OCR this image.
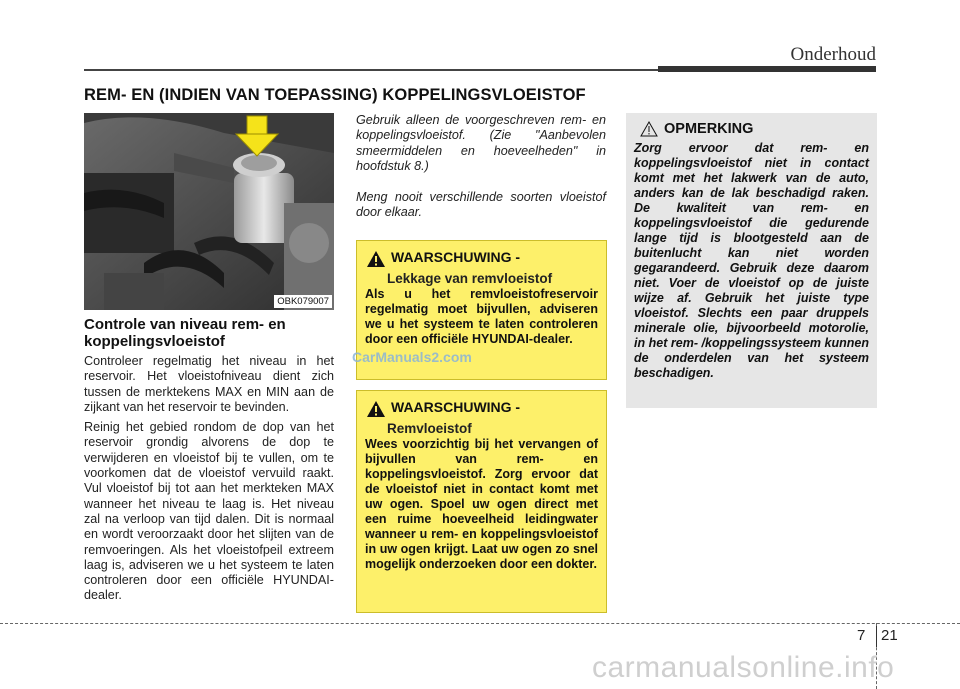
Onderhoud
REM- EN (INDIEN VAN TOEPASSING) KOPPELINGSVLOEISTOF
OBK079007
Controle van niveau rem- en koppelingsvloeistof

Controleer regelmatig het niveau in het reservoir. Het vloeistofniveau dient zich tussen de merktekens MAX en MIN aan de zijkant van het reservoir te bevinden.

Reinig het gebied rondom de dop van het reservoir grondig alvorens de dop te verwijderen en vloeistof bij te vullen, om te voorkomen dat de vloeistof vervuild raakt. Vul vloeistof bij tot aan het merkteken MAX wanneer het niveau te laag is. Het niveau zal na verloop van tijd dalen. Dit is normaal en wordt veroorzaakt door het slijten van de remvoeringen. Als het vloeistofpeil extreem laag is, adviseren we u het systeem te laten controleren door een officiële HYUNDAI-dealer.

Gebruik alleen de voorgeschreven rem- en koppelingsvloeistof. (Zie "Aanbevolen smeermiddelen en hoeveelheden" in hoofdstuk 8.)

Meng nooit verschillende soorten vloeistof door elkaar.

WAARSCHUWING -
Lekkage van remvloeistof
Als u het remvloeistofreservoir regelmatig moet bijvullen, adviseren we u het systeem te laten controleren door een officiële HYUNDAI-dealer.
WAARSCHUWING -
Remvloeistof
Wees voorzichtig bij het vervangen of bijvullen van rem- en koppelingsvloeistof. Zorg ervoor dat de vloeistof niet in contact komt met uw ogen. Spoel uw ogen direct met een ruime hoeveelheid leidingwater wanneer u rem- en koppelingsvloeistof in uw ogen krijgt. Laat uw ogen zo snel mogelijk onderzoeken door een dokter.
OPMERKING
Zorg ervoor dat rem- en koppelingsvloeistof niet in contact komt met het lakwerk van de auto, anders kan de lak beschadigd raken. De kwaliteit van rem- en koppelingsvloeistof die gedurende lange tijd is blootgesteld aan de buitenlucht kan niet worden gegarandeerd. Gebruik deze daarom niet. Voer de vloeistof op de juiste wijze af. Gebruik het juiste type vloeistof. Slechts een paar druppels minerale olie, bijvoorbeeld motorolie, in het rem- /koppelingssysteem kunnen de onderdelen van het systeem beschadigen.
CarManuals2.com
7 21
carmanualsonline.info
